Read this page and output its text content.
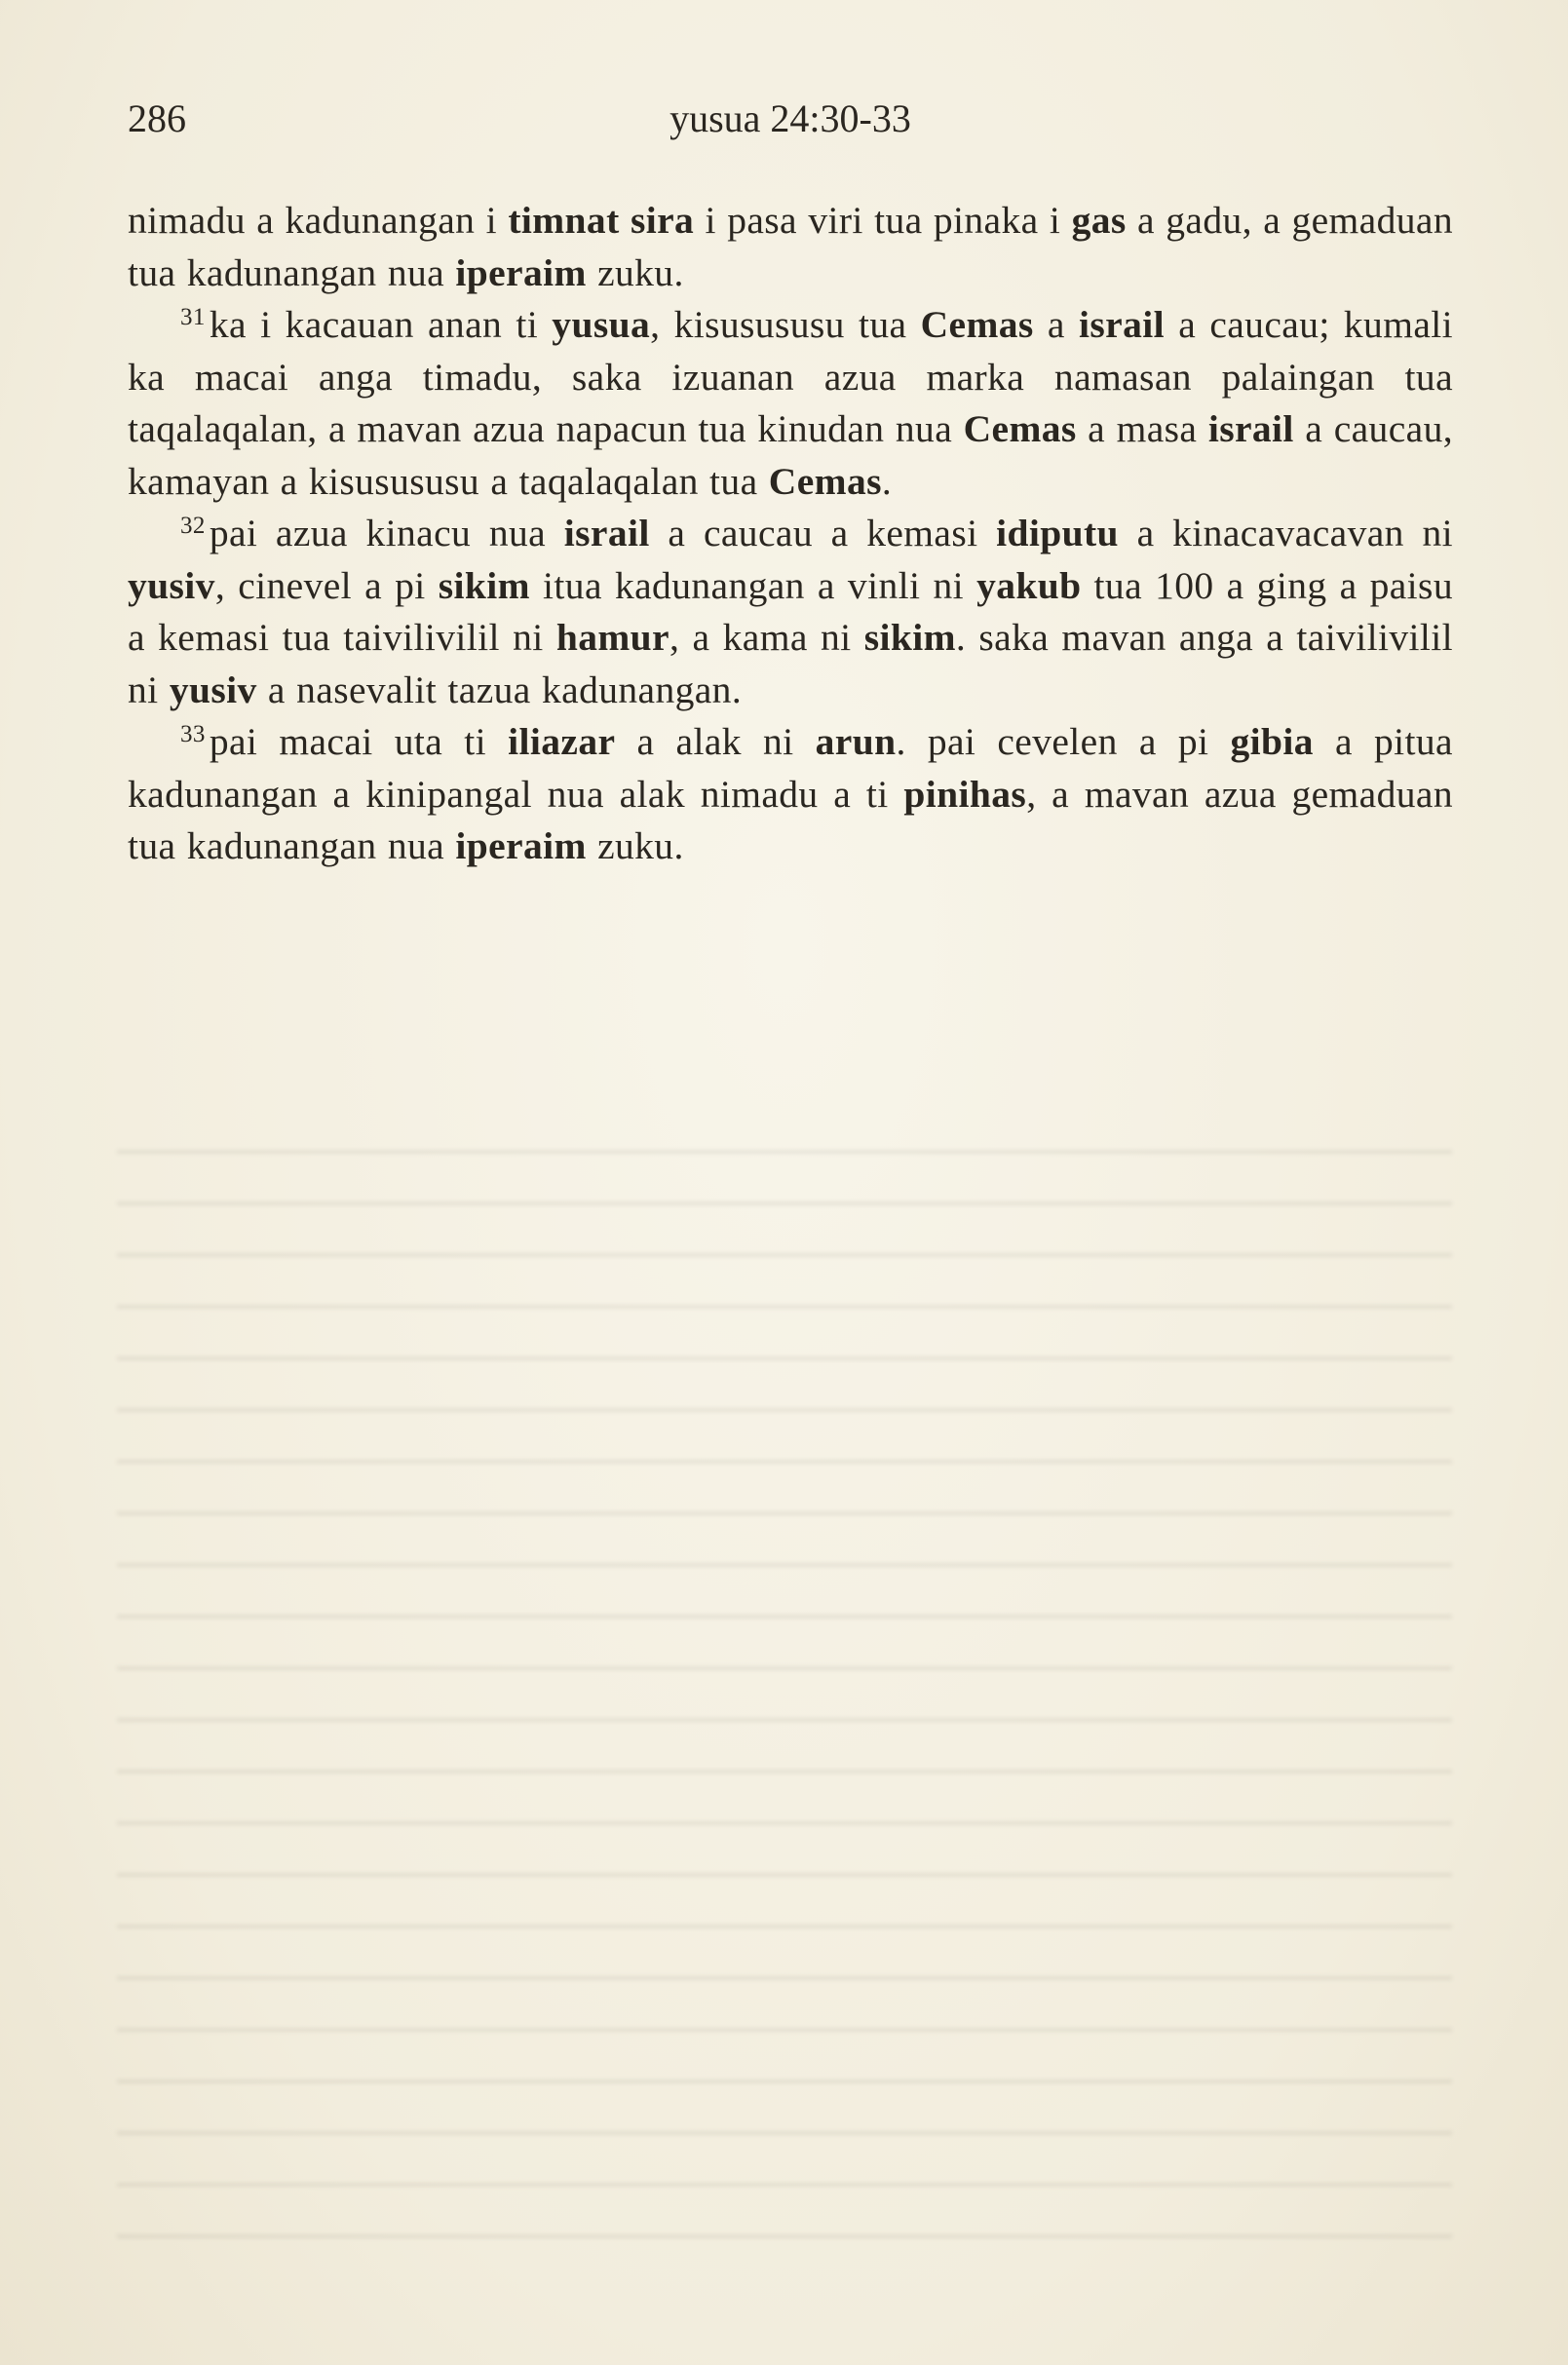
286	yusua 24:30-33

nimadu a kadunangan i timnat sira i pasa viri tua pinaka i gas a gadu, a gemaduan tua kadunangan nua iperaim zuku.

$^{31}$ ka i kacauan anan ti yusua, kisusususu tua Cemas a israil a caucau; kumali ka macai anga timadu, saka izuanan azua marka namasan palaingan tua taqalaqalan, a mavan azua napacun tua kinudan nua Cemas a masa israil a caucau, kamayan a kisusususu a taqalaqalan tua Cemas.

$^{32}$ pai azua kinacu nua israil a caucau a kemasi idiputu a kinacavacavan ni yusiv, cinevel a pi sikim itua kadunangan a vinli ni yakub tua 100 a ging a paisu a kemasi tua taivilivilil ni hamur, a kama ni sikim. saka mavan anga a taivilivilil ni yusiv a nasevalit tazua kadunangan.

$^{33}$ pai macai uta ti iliazar a alak ni arun. pai cevelen a pi gibia a pitua kadunangan a kinipangal nua alak nimadu a ti pinihas, a mavan azua gemaduan tua kadunangan nua iperaim zuku.
